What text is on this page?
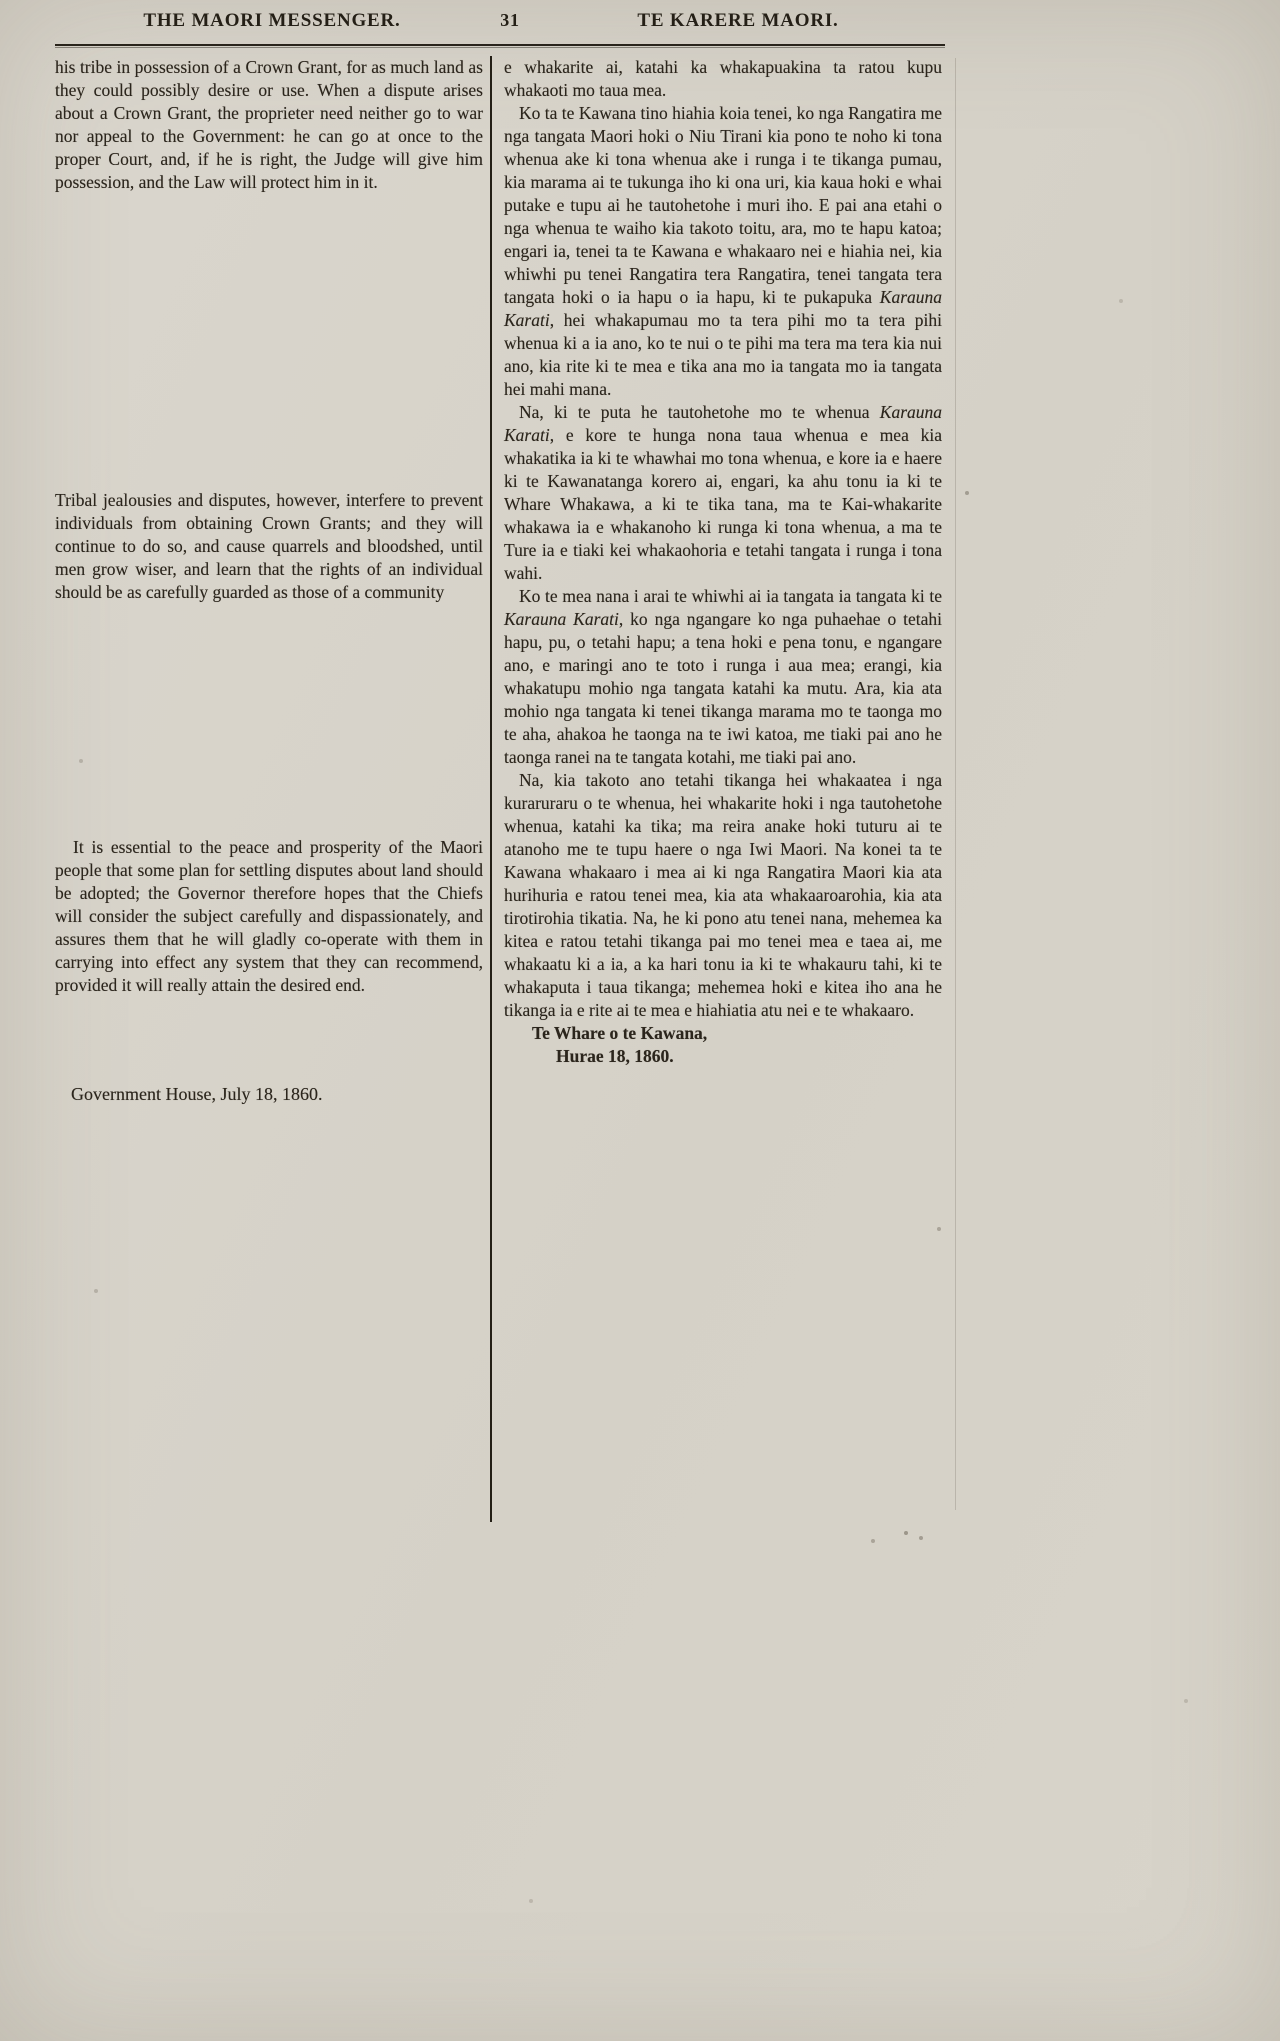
THE MAORI MESSENGER.	31	TE KARERE MAORI.

his tribe in possession of a Crown Grant, for as much land as they could possibly desire or use. When a dispute arises about a Crown Grant, the proprieter need neither go to war nor appeal to the Government: he can go at once to the proper Court, and, if he is right, the Judge will give him possession, and the Law will protect him in it.

Tribal jealousies and disputes, however, interfere to prevent individuals from obtaining Crown Grants; and they will continue to do so, and cause quarrels and bloodshed, until men grow wiser, and learn that the rights of an individual should be as carefully guarded as those of a community

It is essential to the peace and prosperity of the Maori people that some plan for settling disputes about land should be adopted; the Governor therefore hopes that the Chiefs will consider the subject carefully and dispassionately, and assures them that he will gladly co-operate with them in carrying into effect any system that they can recommend, provided it will really attain the desired end.

Government House, July 18, 1860.

e whakarite ai, katahi ka whakapuakina ta ratou kupu whakaoti mo taua mea.

Ko ta te Kawana tino hiahia koia tenei, ko nga Rangatira me nga tangata Maori hoki o Niu Tirani kia pono te noho ki tona whenua ake ki tona whenua ake i runga i te tikanga pumau, kia marama ai te tukunga iho ki ona uri, kia kaua hoki e whai putake e tupu ai he tautohetohe i muri iho. E pai ana etahi o nga whenua te waiho kia takoto toitu, ara, mo te hapu katoa; engari ia, tenei ta te Kawana e whakaaro nei e hiahia nei, kia whiwhi pu tenei Rangatira tera Rangatira, tenei tangata tera tangata hoki o ia hapu o ia hapu, ki te pukapuka Karauna Karati, hei whakapumau mo ta tera pihi mo ta tera pihi whenua ki a ia ano, ko te nui o te pihi ma tera ma tera kia nui ano, kia rite ki te mea e tika ana mo ia tangata mo ia tangata hei mahi mana.

Na, ki te puta he tautohetohe mo te whenua Karauna Karati, e kore te hunga nona taua whenua e mea kia whakatika ia ki te whawhai mo tona whenua, e kore ia e haere ki te Kawanatanga korero ai, engari, ka ahu tonu ia ki te Whare Whakawa, a ki te tika tana, ma te Kai-whakarite whakawa ia e whakanoho ki runga ki tona whenua, a ma te Ture ia e tiaki kei whakaohoria e tetahi tangata i runga i tona wahi.

Ko te mea nana i arai te whiwhi ai ia tangata ia tangata ki te Karauna Karati, ko nga ngangare ko nga puhaehae o tetahi hapu, pu, o tetahi hapu; a tena hoki e pena tonu, e ngangare ano, e maringi ano te toto i runga i aua mea; erangi, kia whakatupu mohio nga tangata katahi ka mutu. Ara, kia ata mohio nga tangata ki tenei tikanga marama mo te taonga mo te aha, ahakoa he taonga na te iwi katoa, me tiaki pai ano he taonga ranei na te tangata kotahi, me tiaki pai ano.

Na, kia takoto ano tetahi tikanga hei whakaatea i nga kuraruraru o te whenua, hei whakarite hoki i nga tautohetohe whenua, katahi ka tika; ma reira anake hoki tuturu ai te atanoho me te tupu haere o nga Iwi Maori. Na konei ta te Kawana whakaaro i mea ai ki nga Rangatira Maori kia ata hurihuria e ratou tenei mea, kia ata whakaaroarohia, kia ata tirotirohia tikatia. Na, he ki pono atu tenei nana, mehemea ka kitea e ratou tetahi tikanga pai mo tenei mea e taea ai, me whakaatu ki a ia, a ka hari tonu ia ki te whakauru tahi, ki te whakaputa i taua tikanga; mehemea hoki e kitea iho ana he tikanga ia e rite ai te mea e hiahiatia atu nei e te whakaaro.

Te Whare o te Kawana,

Hurae 18, 1860.
